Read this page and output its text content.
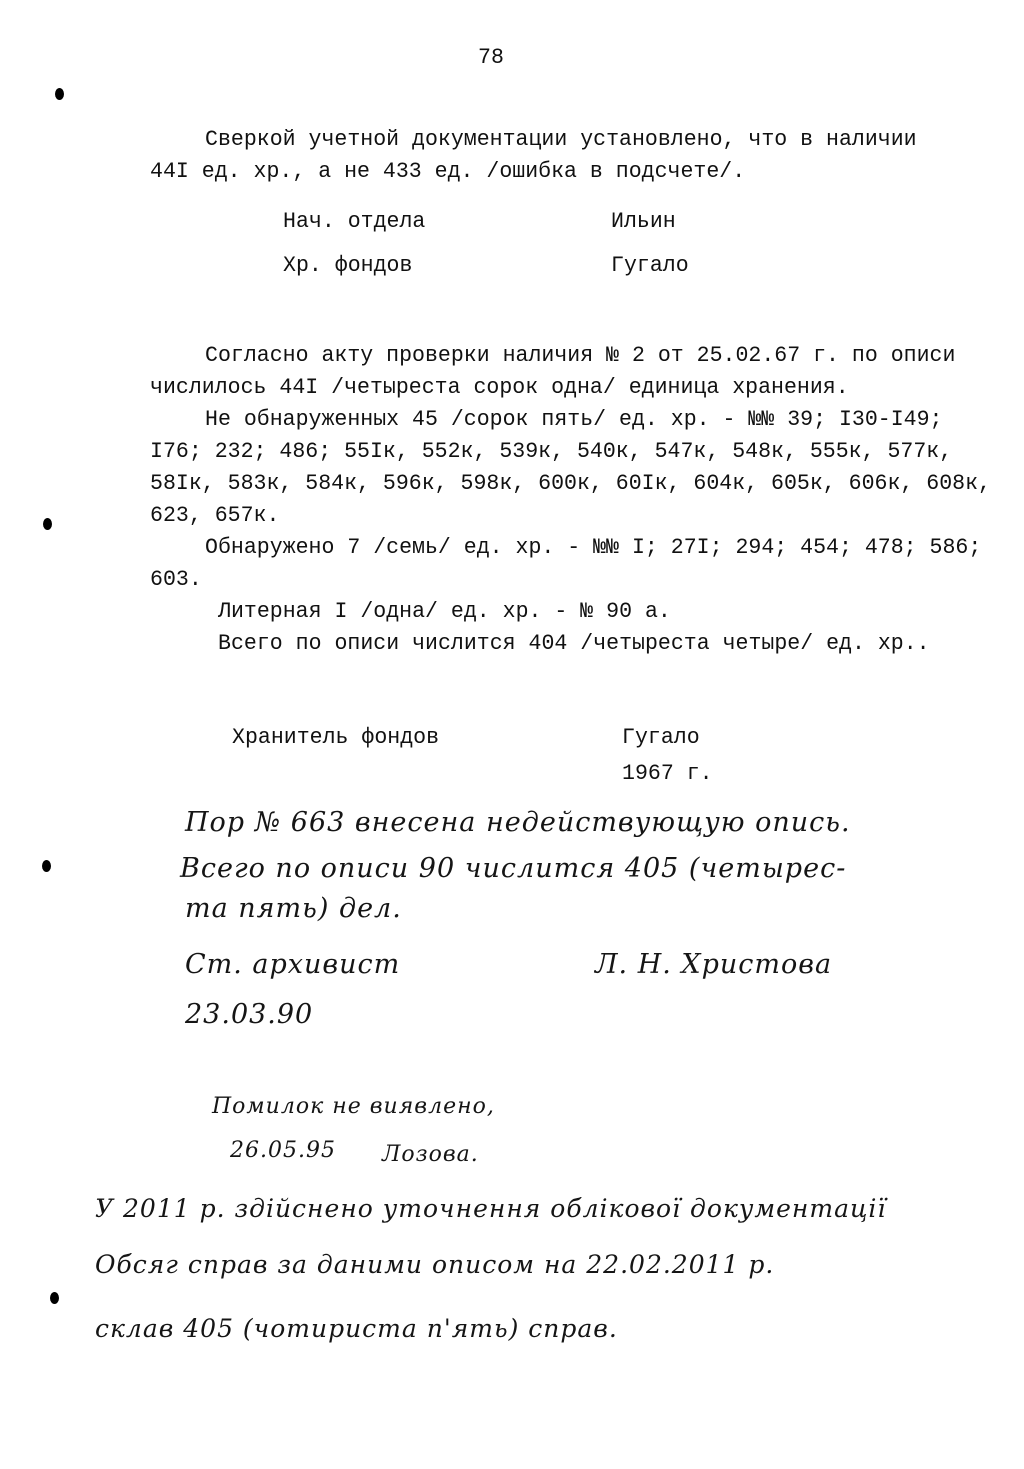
78
Сверкой учетной документации установлено, что в наличии
44I ед. хр., а не 433 ед. /ошибка в подсчете/.
Нач. отдела	Ильин
Хр. фондов	Гугало
Согласно акту проверки наличия № 2 от 25.02.67 г. по описи
числилось 44I /четыреста сорок одна/ единица хранения.
Не обнаруженных 45 /сорок пять/ ед. хр. - №№ 39; I30-I49;
I76; 232; 486; 55Iк, 552к, 539к, 540к, 547к, 548к, 555к, 577к,
58Iк, 583к, 584к, 596к, 598к, 600к, 60Iк, 604к, 605к, 606к, 608к,
623, 657к.
Обнаружено 7 /семь/ ед. хр. - №№ I; 27I; 294; 454; 478; 586;
603.
Литерная I /одна/ ед. хр. - № 90 а.
Всего по описи числится 404 /четыреста четыре/ ед. хр..
Хранитель фондов	Гугало
1967 г.
Пор № 663 внесена недействующую опись.
Всего по описи 90 числится 405 (четырес-
та пять) дел.
Ст. архивист	Л. Н. Христова
23.03.90
Помилок не виявлено,
26.05.95 Лозова.
У 2011 р. здійснено уточнення облікової документації
Обсяг справ за даними описом на 22.02.2011 р.
склав 405 (чотириста п'ять) справ.
